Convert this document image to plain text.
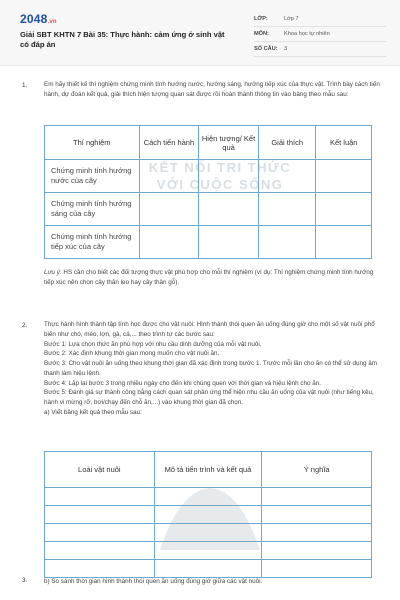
2048.vn
Giải SBT KHTN 7 Bài 35: Thực hành: cảm ứng ở sinh vật có đáp án
LỚP:	Lớp 7
MÔN:	Khoa học tự nhiên
SỐ CÂU:	3
1.	Em hãy thiết kế thí nghiệm chứng minh tính hướng nước, hướng sáng, hướng tiếp xúc của thực vật. Trình bày cách tiến hành, dự đoán kết quả, giải thích hiện tượng quan sát được rồi hoàn thành thông tin vào bảng theo mẫu sau:
Thí nghiệm	Cách tiến hành	Hiện tượng/ Kết quả	Giải thích	Kết luận
Chứng minh tính hướng nước của cây				
Chứng minh tính hướng sáng của cây				
Chứng minh tính hướng tiếp xúc của cây				
KẾT NỐI TRI THỨC
VỚI CUỘC SỐNG
Lưu ý: HS cần cho biết các đối tượng thực vật phù hợp cho mỗi thí nghiệm (ví dụ: Thí nghiệm chứng minh tính hướng tiếp xúc nên chọn cây thân leo hay cây thân gỗ).
2.	Thực hành hình thành tập tính học được cho vật nuôi: Hình thành thói quen ăn uống đúng giờ cho một số vật nuôi phổ biến như chó, mèo, lợn, gà, cá,... theo trình tự các bước sau:
Bước 1: Lựa chọn thức ăn phù hợp với nhu cầu dinh dưỡng của mỗi vật nuôi.
Bước 2: Xác định khung thời gian mong muốn cho vật nuôi ăn.
Bước 3: Cho vật nuôi ăn uống theo khung thời gian đã xác định trong bước 1. Trước mỗi lần cho ăn có thể sử dụng âm thanh làm hiệu lệnh.
Bước 4: Lặp lại bước 3 trong nhiều ngày cho đến khi chúng quen với thời gian và hiệu lệnh cho ăn.
Bước 5: Đánh giá sự thành công bằng cách quan sát phản ứng thể hiện nhu cầu ăn uống của vật nuôi (như tiếng kêu, hành vi mừng rỡ, bơi/chạy đến chỗ ăn,...) vào khung thời gian đã chọn.
a) Viết bảng kết quả theo mẫu sau:
Loài vật nuôi	Mô tả tiến trình và kết quả	Ý nghĩa

3.	b) So sánh thời gian hình thành thói quen ăn uống đúng giờ giữa các vật nuôi.
